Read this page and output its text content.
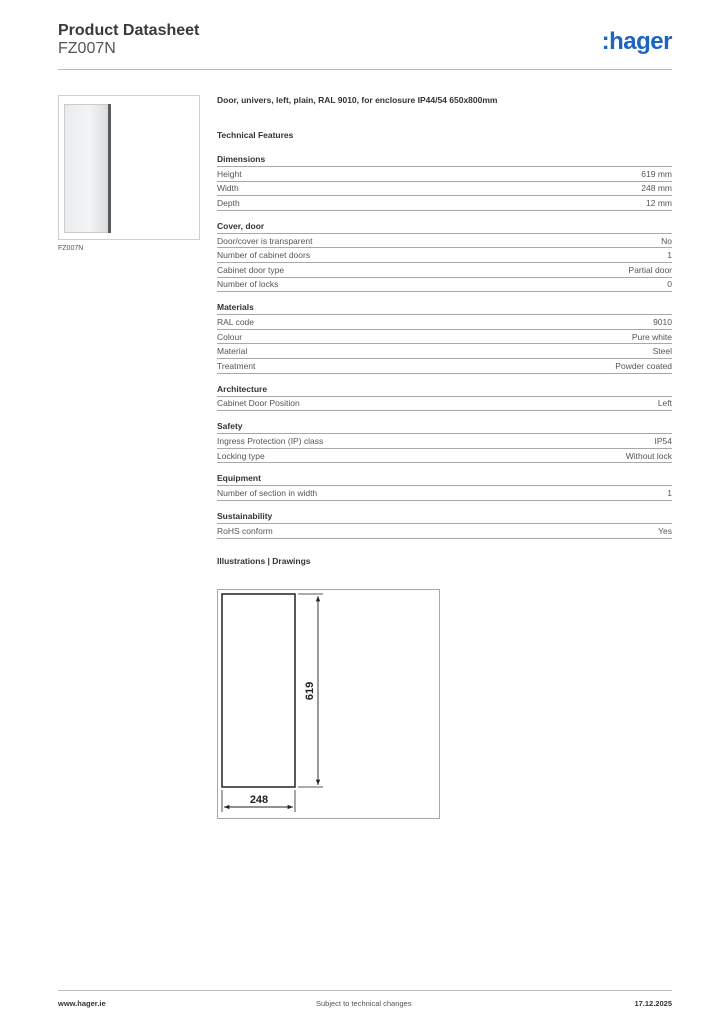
Product Datasheet
FZ007N	:hager
FZ007N
Door, univers, left, plain, RAL 9010, for enclosure IP44/54 650x800mm
Technical Features
Dimensions
Height	619 mm
Width	248 mm
Depth	12 mm
Cover, door
Door/cover is transparent	No
Number of cabinet doors	1
Cabinet door type	Partial door
Number of locks	0
Materials
RAL code	9010
Colour	Pure white
Material	Steel
Treatment	Powder coated
Architecture
Cabinet Door Position	Left
Safety
Ingress Protection (IP) class	IP54
Locking type	Without lock
Equipment
Number of section in width	1
Sustainability
RoHS conform	Yes
Illustrations | Drawings
619
248
www.hager.ie	Subject to technical changes	17.12.2025
